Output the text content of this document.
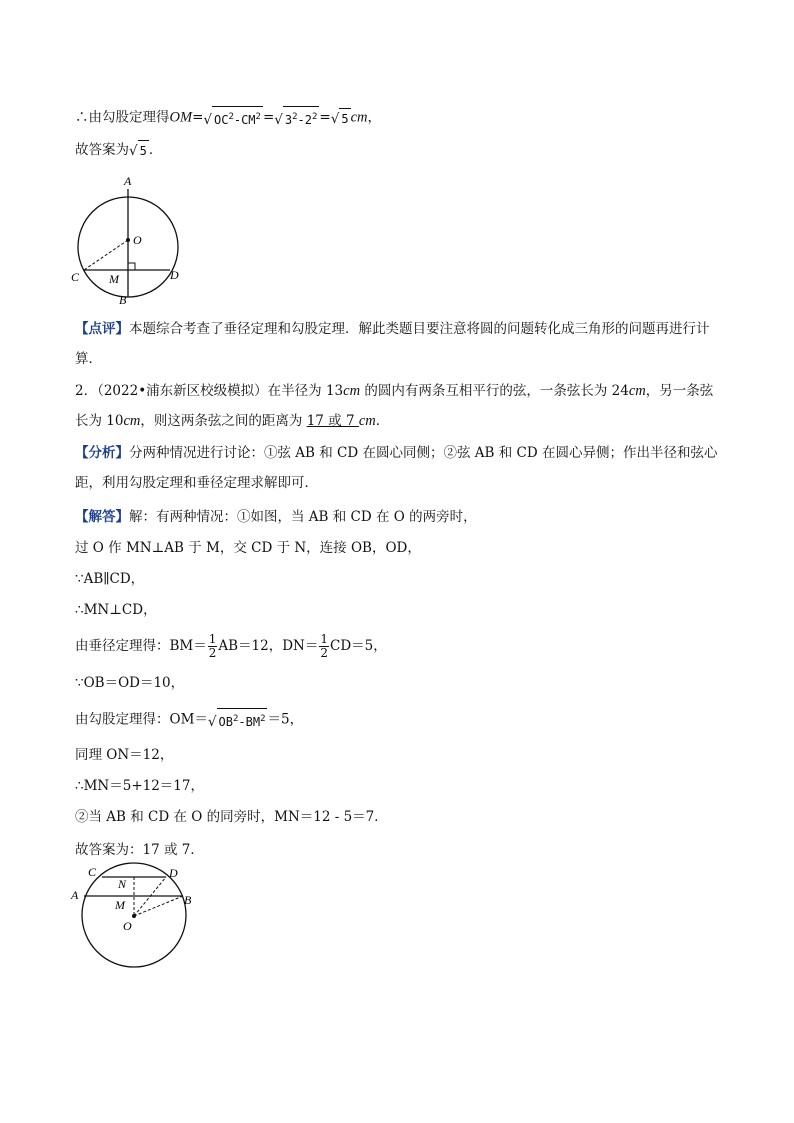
∴由勾股定理得OM=√ $OC^2-CM^2$ =√ $3^2-2^2$ =√ 5 cm，
故答案为√ 5 ．
A
O
C M	D
B
【点评】本题综合考查了垂径定理和勾股定理．解此类题目要注意将圆的问题转化成三角形的问题再进行计算．
2．（2022•浦东新区校级模拟）在半径为 13cm 的圆内有两条互相平行的弦，一条弦长为 24cm，另一条弦长为 10cm，则这两条弦之间的距离为 17 或 7 cm．
【分析】分两种情况进行讨论：①弦 AB 和 CD 在圆心同侧；②弦 AB 和 CD 在圆心异侧；作出半径和弦心距，利用勾股定理和垂径定理求解即可．
【解答】解：有两种情况：①如图，当 AB 和 CD 在 O 的两旁时，
过 O 作 MN⊥AB 于 M，交 CD 于 N，连接 OB，OD，
∵AB∥CD，
∴MN⊥CD，
由垂径定理得：$BM= \frac{1}{2} AB=12$，$DN= \frac{1}{2} CD=5$，
∵OB＝OD＝10，
由勾股定理得：OM＝√ $OB^2-BM^2 =5$，
同理 ON＝12，
∴MN＝5+12＝17，
②当 AB 和 CD 在 O 的同旁时，MN＝12 - 5＝7．
故答案为：17 或 7．
C	D
N
A
M	B
O
